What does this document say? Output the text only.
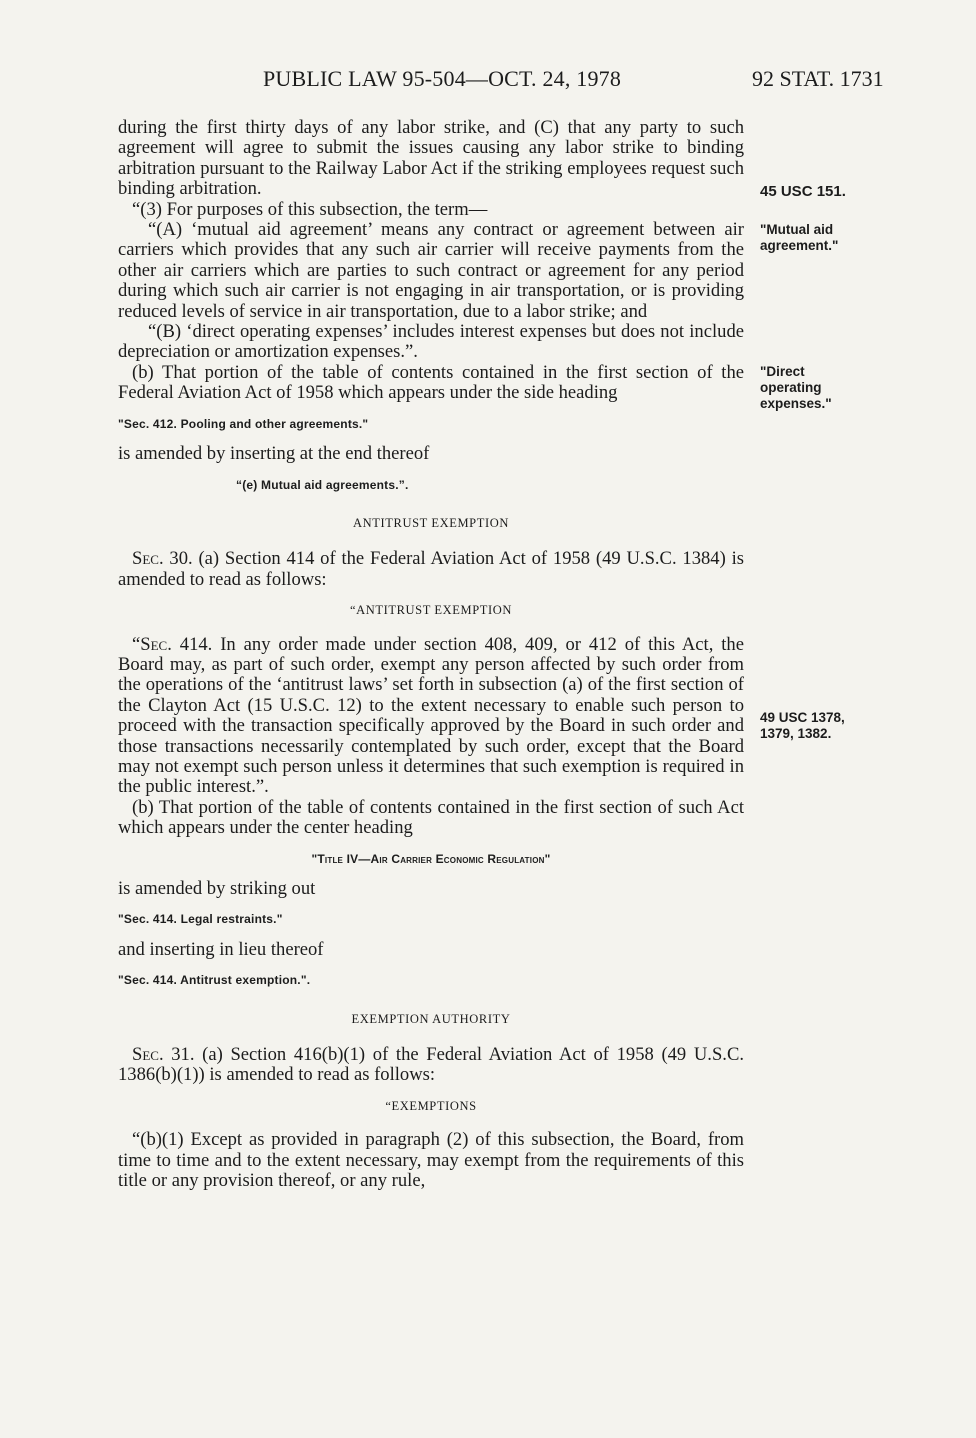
PUBLIC LAW 95-504—OCT. 24, 1978	92 STAT. 1731

during the first thirty days of any labor strike, and (C) that any party to such agreement will agree to submit the issues causing any labor strike to binding arbitration pursuant to the Railway Labor Act if the striking employees request such binding arbitration.

“(3) For purposes of this subsection, the term—

“(A) ‘mutual aid agreement’ means any contract or agreement between air carriers which provides that any such air carrier will receive payments from the other air carriers which are parties to such contract or agreement for any period during which such air carrier is not engaging in air transportation, or is providing reduced levels of service in air transportation, due to a labor strike; and

“(B) ‘direct operating expenses’ includes interest expenses but does not include depreciation or amortization expenses.”.

(b) That portion of the table of contents contained in the first section of the Federal Aviation Act of 1958 which appears under the side heading

"Sec. 412. Pooling and other agreements."

is amended by inserting at the end thereof

“(e) Mutual aid agreements.”.

ANTITRUST EXEMPTION

Sec. 30. (a) Section 414 of the Federal Aviation Act of 1958 (49 U.S.C. 1384) is amended to read as follows:

“ANTITRUST EXEMPTION

“Sec. 414. In any order made under section 408, 409, or 412 of this Act, the Board may, as part of such order, exempt any person affected by such order from the operations of the ‘antitrust laws’ set forth in subsection (a) of the first section of the Clayton Act (15 U.S.C. 12) to the extent necessary to enable such person to proceed with the transaction specifically approved by the Board in such order and those transactions necessarily contemplated by such order, except that the Board may not exempt such person unless it determines that such exemption is required in the public interest.”.

(b) That portion of the table of contents contained in the first section of such Act which appears under the center heading

"Title IV—Air Carrier Economic Regulation"

is amended by striking out

"Sec. 414. Legal restraints."

and inserting in lieu thereof

"Sec. 414. Antitrust exemption.".

EXEMPTION AUTHORITY

Sec. 31. (a) Section 416(b)(1) of the Federal Aviation Act of 1958 (49 U.S.C. 1386(b)(1)) is amended to read as follows:

“EXEMPTIONS

“(b)(1) Except as provided in paragraph (2) of this subsection, the Board, from time to time and to the extent necessary, may exempt from the requirements of this title or any provision thereof, or any rule,

45 USC 151.
"Mutual aid
agreement."
"Direct
operating
expenses."
49 USC 1378,
1379, 1382.
